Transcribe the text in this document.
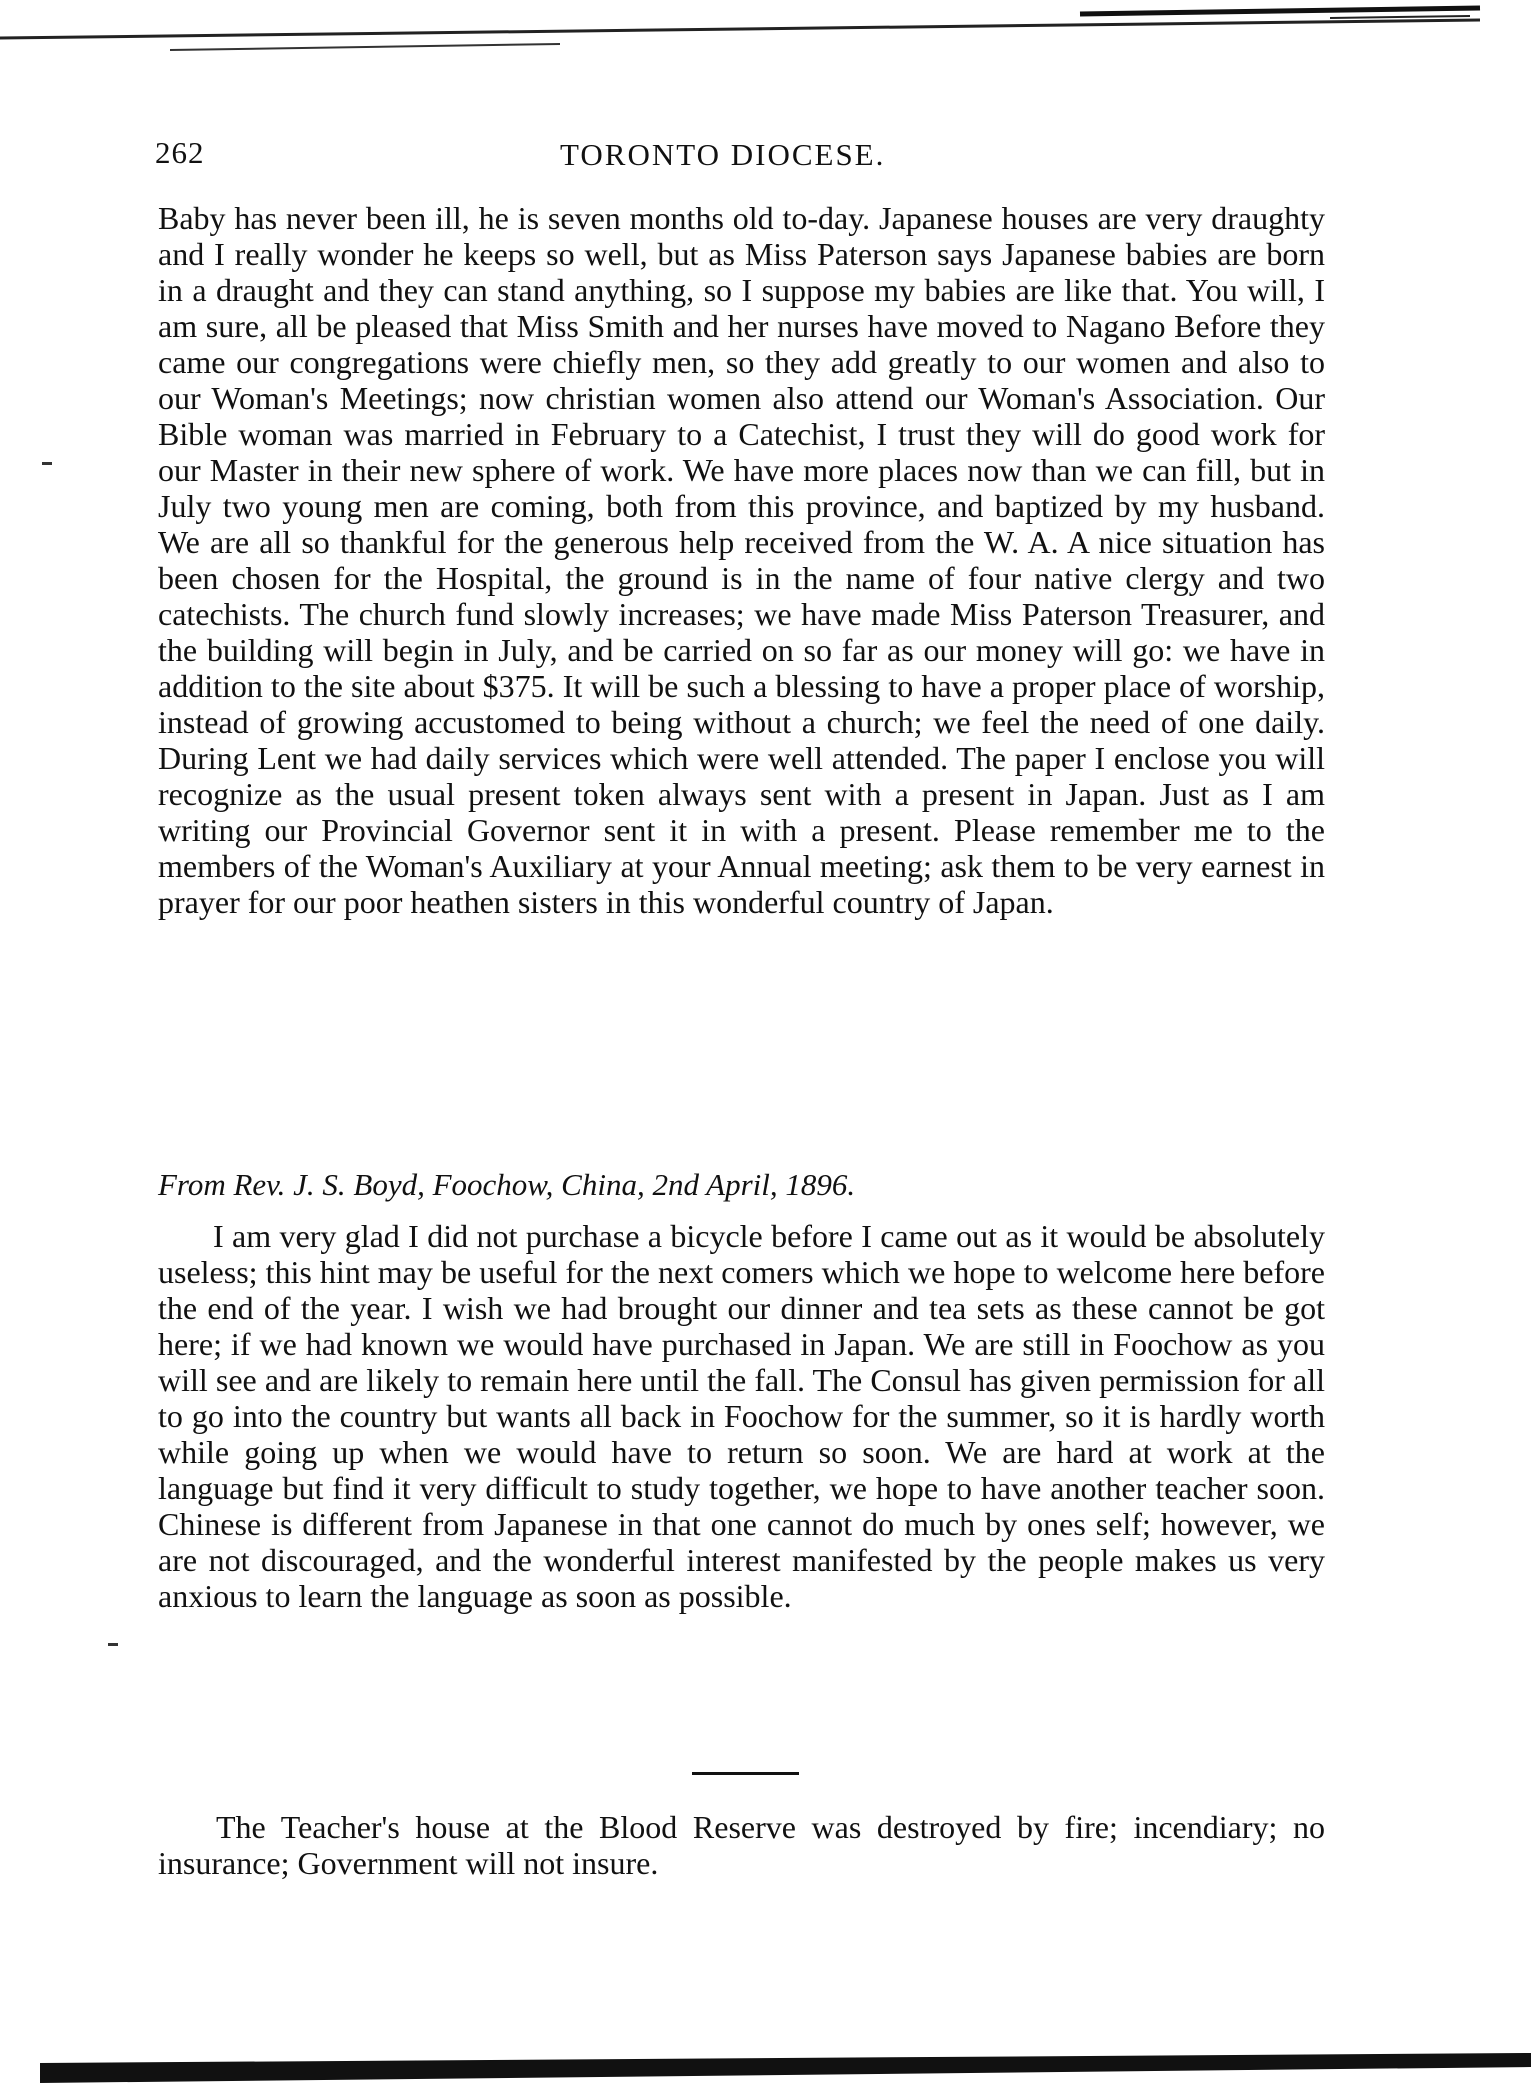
262	TORONTO DIOCESE.

Baby has never been ill, he is seven months old to-day. Japanese houses are very draughty and I really wonder he keeps so well, but as Miss Paterson says Japanese babies are born in a draught and they can stand anything, so I suppose my babies are like that. You will, I am sure, all be pleased that Miss Smith and her nurses have moved to Nagano Before they came our congregations were chiefly men, so they add greatly to our women and also to our Woman's Meetings; now christian women also attend our Woman's Association. Our Bible woman was married in February to a Catechist, I trust they will do good work for our Master in their new sphere of work. We have more places now than we can fill, but in July two young men are coming, both from this province, and baptized by my husband. We are all so thankful for the generous help received from the W. A. A nice situation has been chosen for the Hospital, the ground is in the name of four native clergy and two catechists. The church fund slowly increases; we have made Miss Paterson Treasurer, and the building will begin in July, and be carried on so far as our money will go: we have in addition to the site about $375. It will be such a blessing to have a proper place of worship, instead of growing accustomed to being without a church; we feel the need of one daily. During Lent we had daily services which were well attended. The paper I enclose you will recognize as the usual present token always sent with a present in Japan. Just as I am writing our Provincial Governor sent it in with a present. Please remember me to the members of the Woman's Auxiliary at your Annual meeting; ask them to be very earnest in prayer for our poor heathen sisters in this wonderful country of Japan.

From Rev. J. S. Boyd, Foochow, China, 2nd April, 1896.

I am very glad I did not purchase a bicycle before I came out as it would be absolutely useless; this hint may be useful for the next comers which we hope to welcome here before the end of the year. I wish we had brought our dinner and tea sets as these cannot be got here; if we had known we would have purchased in Japan. We are still in Foochow as you will see and are likely to remain here until the fall. The Consul has given permission for all to go into the country but wants all back in Foochow for the summer, so it is hardly worth while going up when we would have to return so soon. We are hard at work at the language but find it very difficult to study together, we hope to have another teacher soon. Chinese is different from Japanese in that one cannot do much by ones self; however, we are not discouraged, and the wonderful interest manifested by the people makes us very anxious to learn the language as soon as possible.

The Teacher's house at the Blood Reserve was destroyed by fire; incendiary; no insurance; Government will not insure.
